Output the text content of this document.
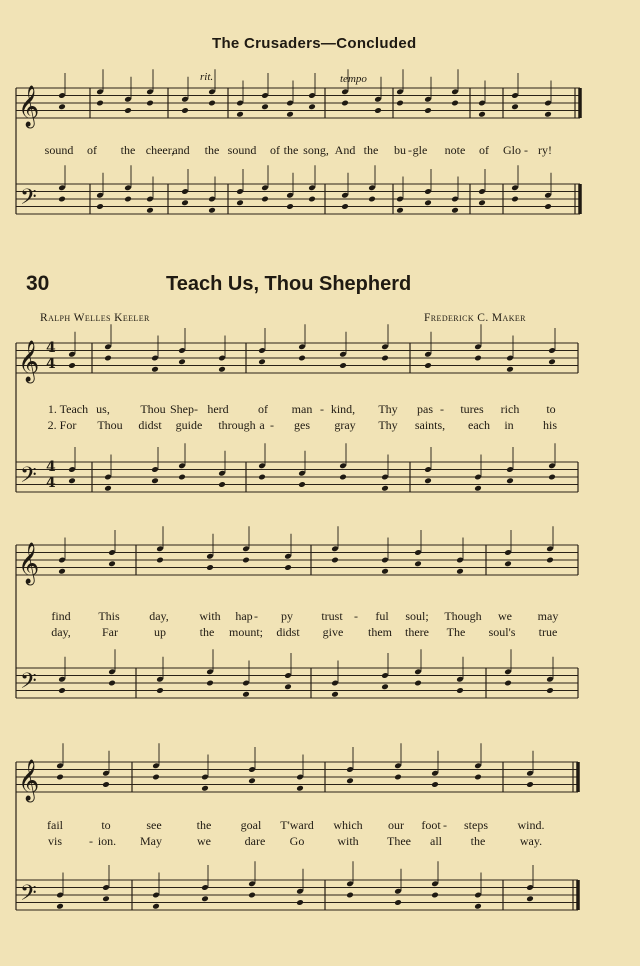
𝄞
𝄢
𝄞
𝄢
4
4
4
4
𝄞
𝄢
𝄞
𝄢
The Crusaders—Concluded
rit.	tempo
sound of the cheer,
and the sound of the song, And the bu - gle note of Glo - ry!
30	Teach Us, Thou Shepherd
Ralph Welles Keeler	Frederick C. Maker
1. Teach us,	Thou Shep - herd of man - kind, Thy pas - tures rich to
2. For Thou didst guide through a - ges gray Thy saints, each in his
find This day,	with hap - py trust - ful soul; Though we may
day,	Far	up	the mount; didst give them there The soul's true
fail	to	see	the goal T'ward which our foot - steps wind.
vis - ion. May	we	dare Go	with Thee all the	way.
